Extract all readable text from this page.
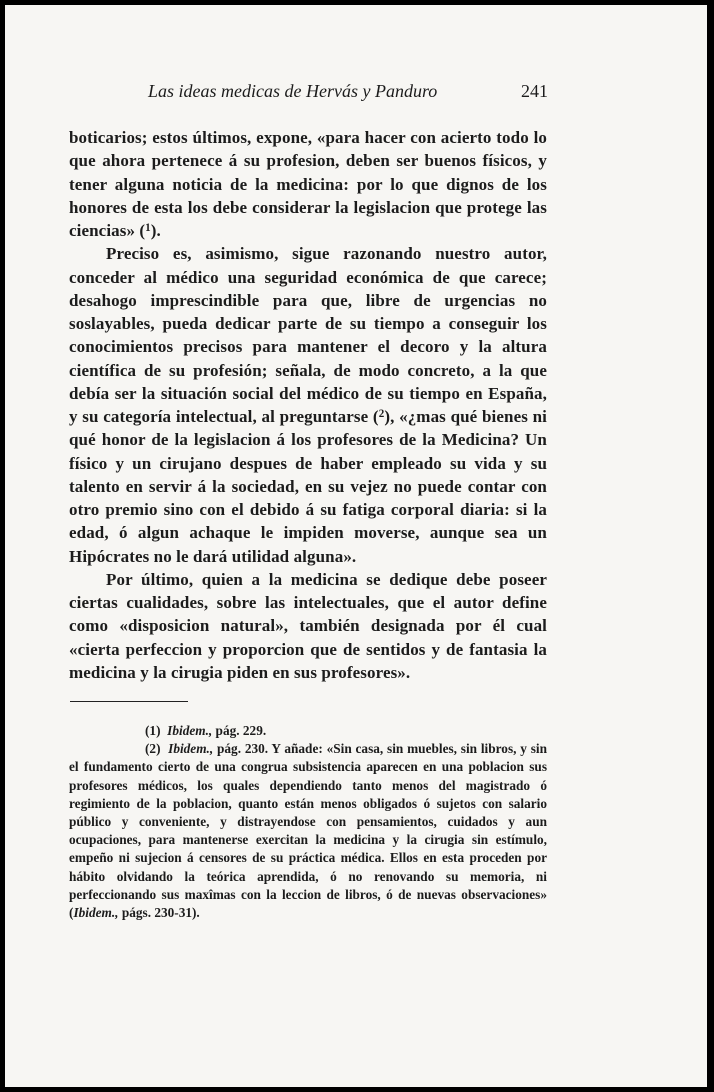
Las ideas medicas de Hervás y Panduro	241

boticarios; estos últimos, expone, «para hacer con acierto todo lo que ahora pertenece á su profesion, deben ser buenos físicos, y tener alguna noticia de la medicina: por lo que dignos de los honores de esta los debe considerar la legislacion que protege las ciencias» ($^1$).

Preciso es, asimismo, sigue razonando nuestro autor, conceder al médico una seguridad económica de que carece; desahogo imprescindible para que, libre de urgencias no soslayables, pueda dedicar parte de su tiempo a conseguir los conocimientos precisos para mantener el decoro y la altura científica de su profesión; señala, de modo concreto, a la que debía ser la situación social del médico de su tiempo en España, y su categoría intelectual, al preguntarse ($^2$), «¿mas qué bienes ni qué honor de la legislacion á los profesores de la Medicina? Un físico y un cirujano despues de haber empleado su vida y su talento en servir á la sociedad, en su vejez no puede contar con otro premio sino con el debido á su fatiga corporal diaria: si la edad, ó algun achaque le impiden moverse, aunque sea un Hipócrates no le dará utilidad alguna».

Por último, quien a la medicina se dedique debe poseer ciertas cualidades, sobre las intelectuales, que el autor define como «disposicion natural», también designada por él cual «cierta perfeccion y proporcion que de sentidos y de fantasia la medicina y la cirugia piden en sus profesores».

(1) Ibidem., pág. 229.

(2) Ibidem., pág. 230. Y añade: «Sin casa, sin muebles, sin libros, y sin el fundamento cierto de una congrua subsistencia aparecen en una poblacion sus profesores médicos, los quales dependiendo tanto menos del magistrado ó regimiento de la poblacion, quanto están menos obligados ó sujetos con salario público y conveniente, y distrayendose con pensamientos, cuidados y aun ocupaciones, para mantenerse exercitan la medicina y la cirugia sin estímulo, empeño ni sujecion á censores de su práctica médica. Ellos en esta proceden por hábito olvidando la teórica aprendida, ó no renovando su memoria, ni perfeccionando sus maxîmas con la leccion de libros, ó de nuevas observaciones» (Ibidem., págs. 230-31).
